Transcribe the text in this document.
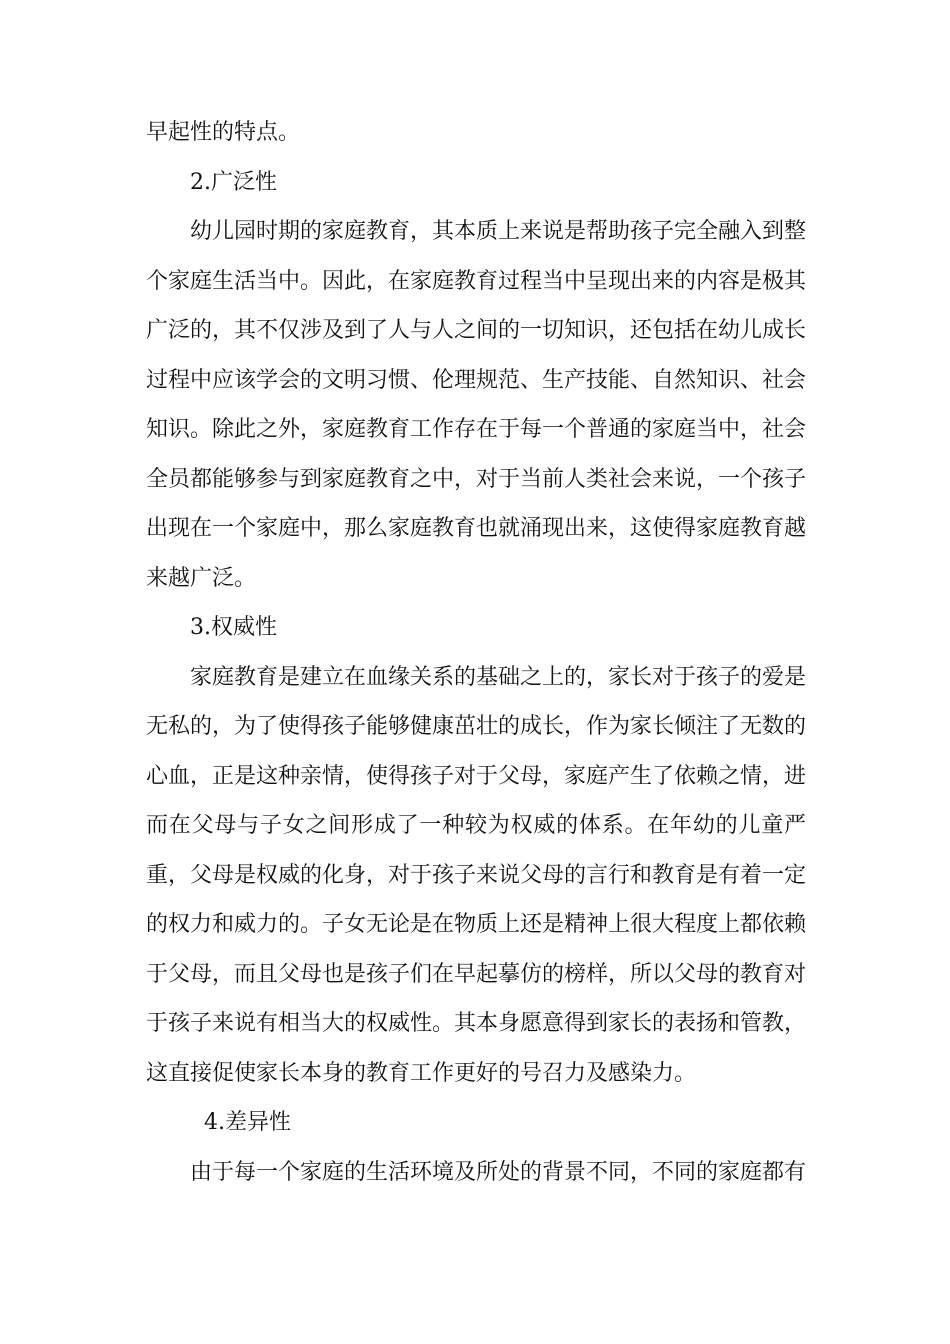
早起性的特点。
2.广泛性
幼儿园时期的家庭教育，其本质上来说是帮助孩子完全融入到整
个家庭生活当中。因此，在家庭教育过程当中呈现出来的内容是极其
广泛的，其不仅涉及到了人与人之间的一切知识，还包括在幼儿成长
过程中应该学会的文明习惯、伦理规范、生产技能、自然知识、社会
知识。除此之外，家庭教育工作存在于每一个普通的家庭当中，社会
全员都能够参与到家庭教育之中，对于当前人类社会来说，一个孩子
出现在一个家庭中，那么家庭教育也就涌现出来，这使得家庭教育越
来越广泛。
3.权威性
家庭教育是建立在血缘关系的基础之上的，家长对于孩子的爱是
无私的，为了使得孩子能够健康茁壮的成长，作为家长倾注了无数的
心血，正是这种亲情，使得孩子对于父母，家庭产生了依赖之情，进
而在父母与子女之间形成了一种较为权威的体系。在年幼的儿童严
重，父母是权威的化身，对于孩子来说父母的言行和教育是有着一定
的权力和威力的。子女无论是在物质上还是精神上很大程度上都依赖
于父母，而且父母也是孩子们在早起摹仿的榜样，所以父母的教育对
于孩子来说有相当大的权威性。其本身愿意得到家长的表扬和管教，
这直接促使家长本身的教育工作更好的号召力及感染力。
4.差异性
由于每一个家庭的生活环境及所处的背景不同，不同的家庭都有
